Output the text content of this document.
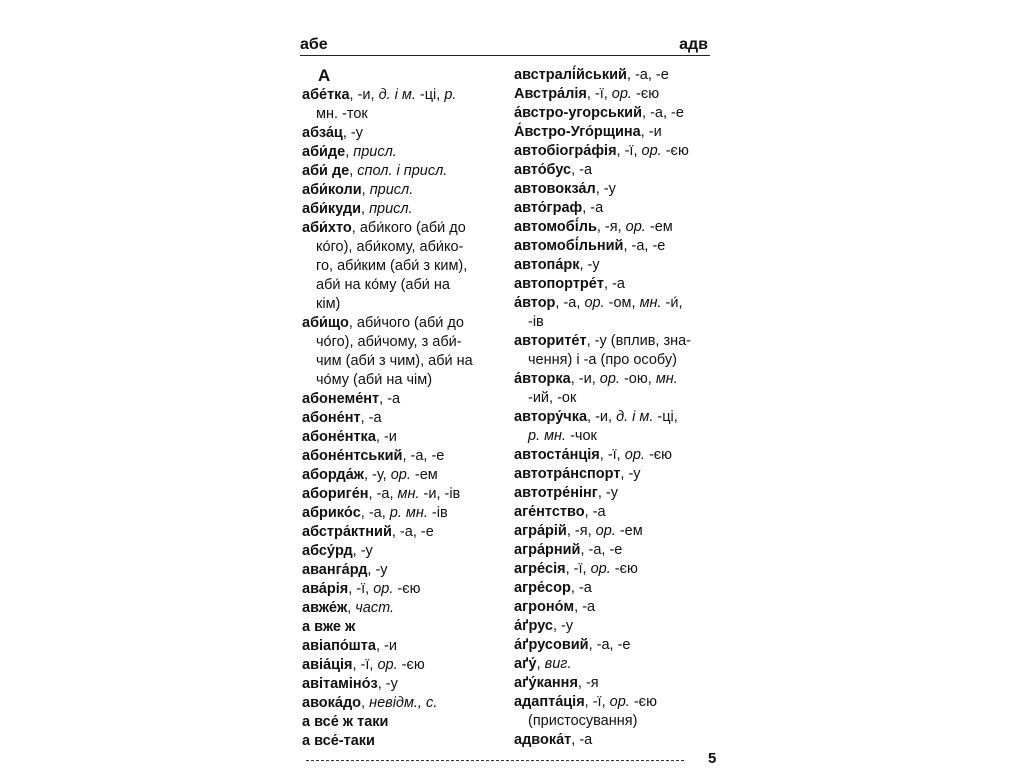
абе	адв
А
абе́тка, -и, д. і м. -ці, р.
мн. -ток
абза́ц, -у
аби́де, присл.
аби́ де, спол. і присл.
аби́коли, присл.
аби́куди, присл.
аби́хто, аби́кого (аби́ до
ко́го), аби́кому, аби́ко-
го, аби́ким (аби́ з ким),
аби́ на ко́му (аби́ на
кім)
аби́що, аби́чого (аби́ до
чо́го), аби́чому, з аби́-
чим (аби́ з чим), аби́ на
чо́му (аби́ на чім)
абонеме́нт, -а
абоне́нт, -а
абоне́нтка, -и
абоне́нтський, -а, -е
аборда́ж, -у, ор. -ем
абориге́н, -а, мн. -и, -ів
абрико́с, -а, р. мн. -ів
абстра́ктний, -а, -е
абсу́рд, -у
аванга́рд, -у
ава́рія, -ї, ор. -єю
авже́ж, част.
а вже ж
авіапо́шта, -и
авіа́ція, -ї, ор. -єю
авітаміно́з, -у
авока́до, невідм., с.
а все́ ж таки
а все́-таки
австралі́йський, -а, -е
Австра́лія, -ї, ор. -єю
а́встро-угорський, -а, -е
А́встро-Уго́рщина, -и
автобіогра́фія, -ї, ор. -єю
авто́бус, -а
автовокза́л, -у
авто́граф, -а
автомобі́ль, -я, ор. -ем
автомобі́льний, -а, -е
автопа́рк, -у
автопортре́т, -а
а́втор, -а, ор. -ом, мн. -и́,
-ів
авторите́т, -у (вплив, зна-
чення) і -а (про особу)
а́вторка, -и, ор. -ою, мн.
-ий, -ок
автору́чка, -и, д. і м. -ці,
р. мн. -чок
автоста́нція, -ї, ор. -єю
автотра́нспорт, -у
автотре́нінг, -у
аге́нтство, -а
агра́рій, -я, ор. -ем
агра́рний, -а, -е
агре́сія, -ї, ор. -єю
агре́сор, -а
агроно́м, -а
а́ґрус, -у
а́ґрусовий, -а, -е
аґу́, виг.
аґу́кання, -я
адапта́ція, -ї, ор. -єю
(пристосування)
адвока́т, -а
5
